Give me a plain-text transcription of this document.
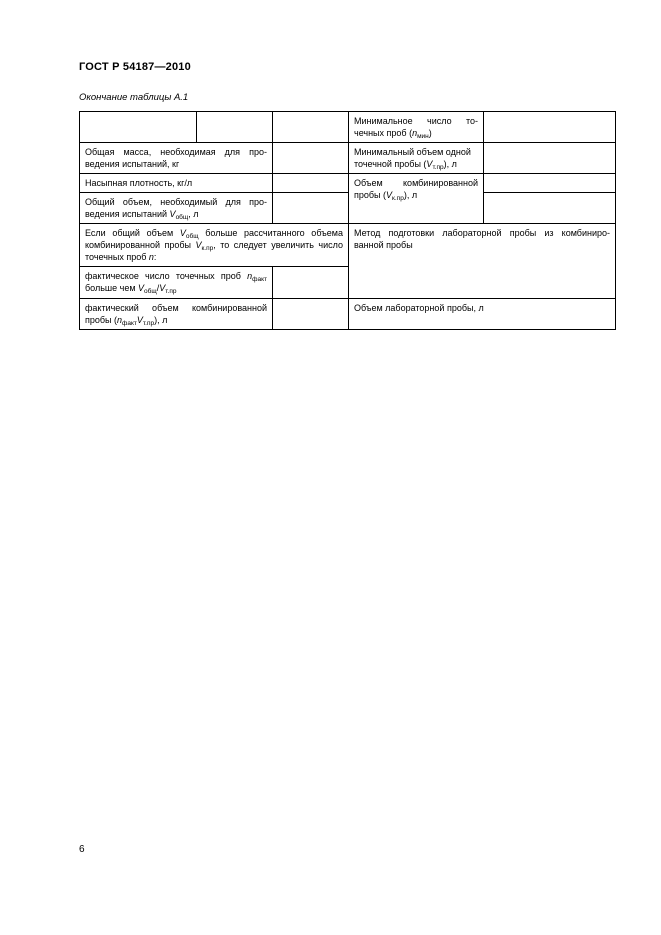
ГОСТ Р 54187—2010
Окончание таблицы А.1
			Минимальное число то- чечных проб $(n_{мин})$	
Общая масса, необходимая для про-ведения испытаний, кг			Минимальный объем одной точечной пробы $(V_{т.пр})$, л	
Насыпная плотность, кг/л			Объем комбинированной пробы $(V_{к.пр})$, л	
Общий объем, необходимый для про-ведения испытаний $V_{общ}$, л				
Если общий объем $V_{общ}$ больше рассчитанного объема комбинированной пробы $V_{к.пр}$, то следует увеличить число точечных проб n:			Метод подготовки лабораторной пробы из комбиниро-ванной пробы	
фактическое число точечных проб $n_{факт}$ больше чем $V_{общ}/V_{т.пр}$	
фактический объем комбинированной пробы $(n_{факт}V_{т.пр})$, л			Объем лабораторной пробы, л	
6
